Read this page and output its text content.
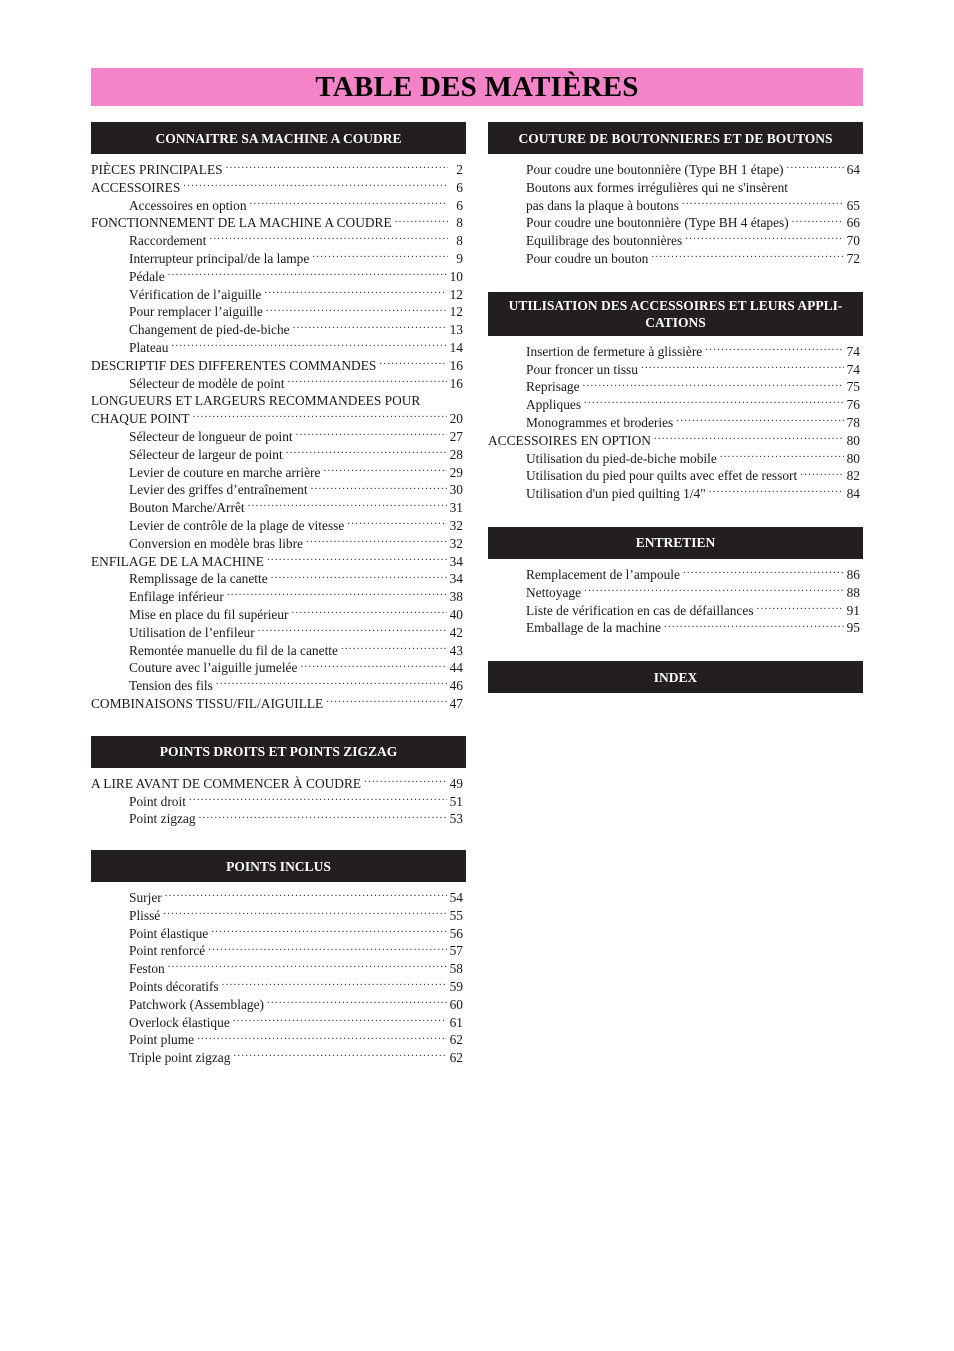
TABLE DES MATIÈRES
CONNAITRE SA MACHINE A COUDRE
PIÈCES PRINCIPALES .....	2
ACCESSOIRES .....	6
Accessoires en option .....	6
FONCTIONNEMENT DE LA MACHINE A COUDRE .....	8
Raccordement .....	8
Interrupteur principal/de la lampe .....	9
Pédale .....	10
Vérification de l’aiguille .....	12
Pour remplacer l’aiguille .....	12
Changement de pied-de-biche .....	13
Plateau .....	14
DESCRIPTIF DES DIFFERENTES COMMANDES .....	16
Sélecteur de modèle de point .....	16
LONGUEURS ET LARGEURS RECOMMANDEES POUR
CHAQUE POINT .....	20
Sélecteur de longueur de point .....	27
Sélecteur de largeur de point .....	28
Levier de couture en marche arrière .....	29
Levier des griffes d’entraînement .....	30
Bouton Marche/Arrêt .....	31
Levier de contrôle de la plage de vitesse .....	32
Conversion en modèle bras libre .....	32
ENFILAGE DE LA MACHINE .....	34
Remplissage de la canette .....	34
Enfilage inférieur .....	38
Mise en place du fil supérieur .....	40
Utilisation de l’enfileur .....	42
Remontée manuelle du fil de la canette .....	43
Couture avec l’aiguille jumelée .....	44
Tension des fils .....	46
COMBINAISONS TISSU/FIL/AIGUILLE .....	47
POINTS DROITS ET POINTS ZIGZAG
A LIRE AVANT DE COMMENCER À COUDRE .....	49
Point droit .....	51
Point zigzag .....	53
POINTS INCLUS
Surjer .....	54
Plissé .....	55
Point élastique .....	56
Point renforcé .....	57
Feston .....	58
Points décoratifs .....	59
Patchwork (Assemblage) .....	60
Overlock élastique .....	61
Point plume .....	62
Triple point zigzag .....	62
COUTURE DE BOUTONNIERES ET DE BOUTONS
Pour coudre une boutonnière (Type BH 1 étape) .....	64
Boutons aux formes irrégulières qui ne s'insèrent
pas dans la plaque à boutons .....	65
Pour coudre une boutonnière (Type BH 4 étapes) .....	66
Equilibrage des boutonnières .....	70
Pour coudre un bouton .....	72
UTILISATION DES ACCESSOIRES ET LEURS APPLI-CATIONS
Insertion de fermeture à glissière .....	74
Pour froncer un tissu .....	74
Reprisage .....	75
Appliques .....	76
Monogrammes et broderies .....	78
ACCESSOIRES EN OPTION .....	80
Utilisation du pied-de-biche mobile .....	80
Utilisation du pied pour quilts avec effet de ressort .....	82
Utilisation d'un pied quilting 1/4" .....	84
ENTRETIEN
Remplacement de l’ampoule .....	86
Nettoyage .....	88
Liste de vérification en cas de défaillances .....	91
Emballage de la machine .....	95
INDEX
